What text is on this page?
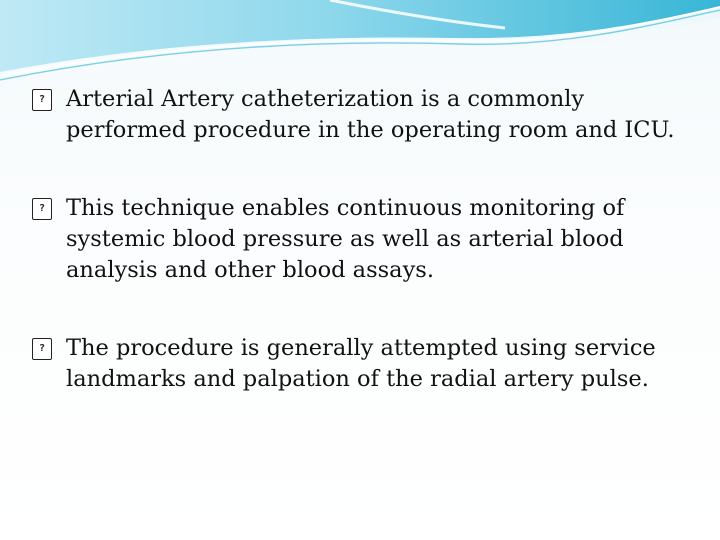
?
Arterial Artery catheterization is a commonly performed procedure in the operating room and ICU.
?
This technique enables continuous monitoring of systemic blood pressure as well as arterial blood analysis and other blood assays.
?
The procedure is generally attempted using service landmarks and palpation of the radial artery pulse.
